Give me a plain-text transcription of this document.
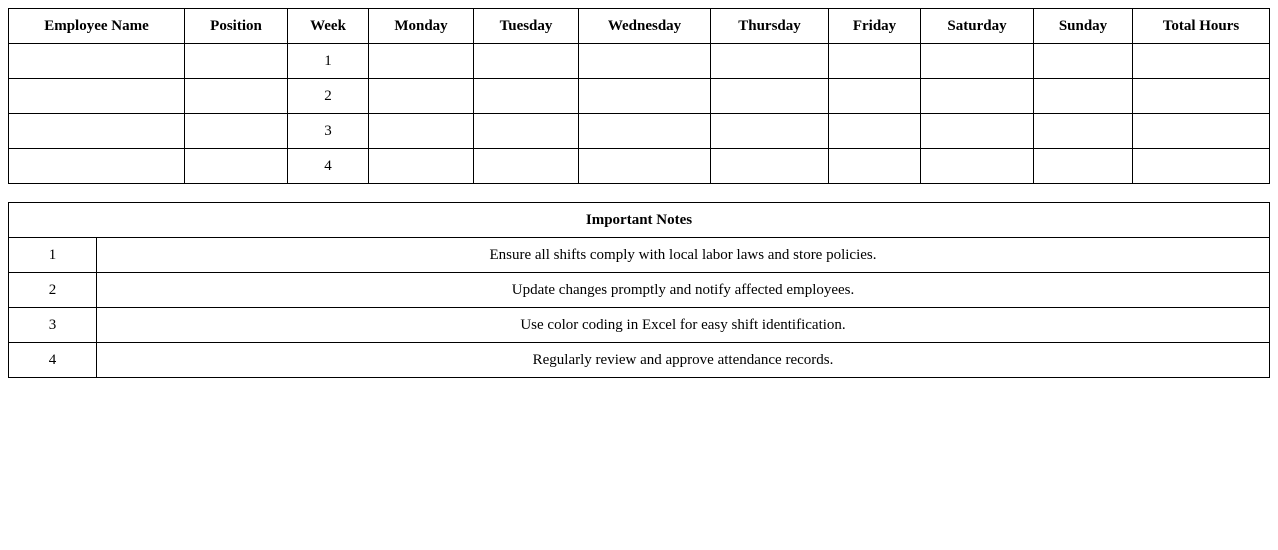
Employee Name	Position	Week	Monday	Tuesday	Wednesday	Thursday	Friday	Saturday	Sunday	Total Hours
		1								
		2								
		3								
		4								
Important Notes	
1	Ensure all shifts comply with local labor laws and store policies.
2	Update changes promptly and notify affected employees.
3	Use color coding in Excel for easy shift identification.
4	Regularly review and approve attendance records.
